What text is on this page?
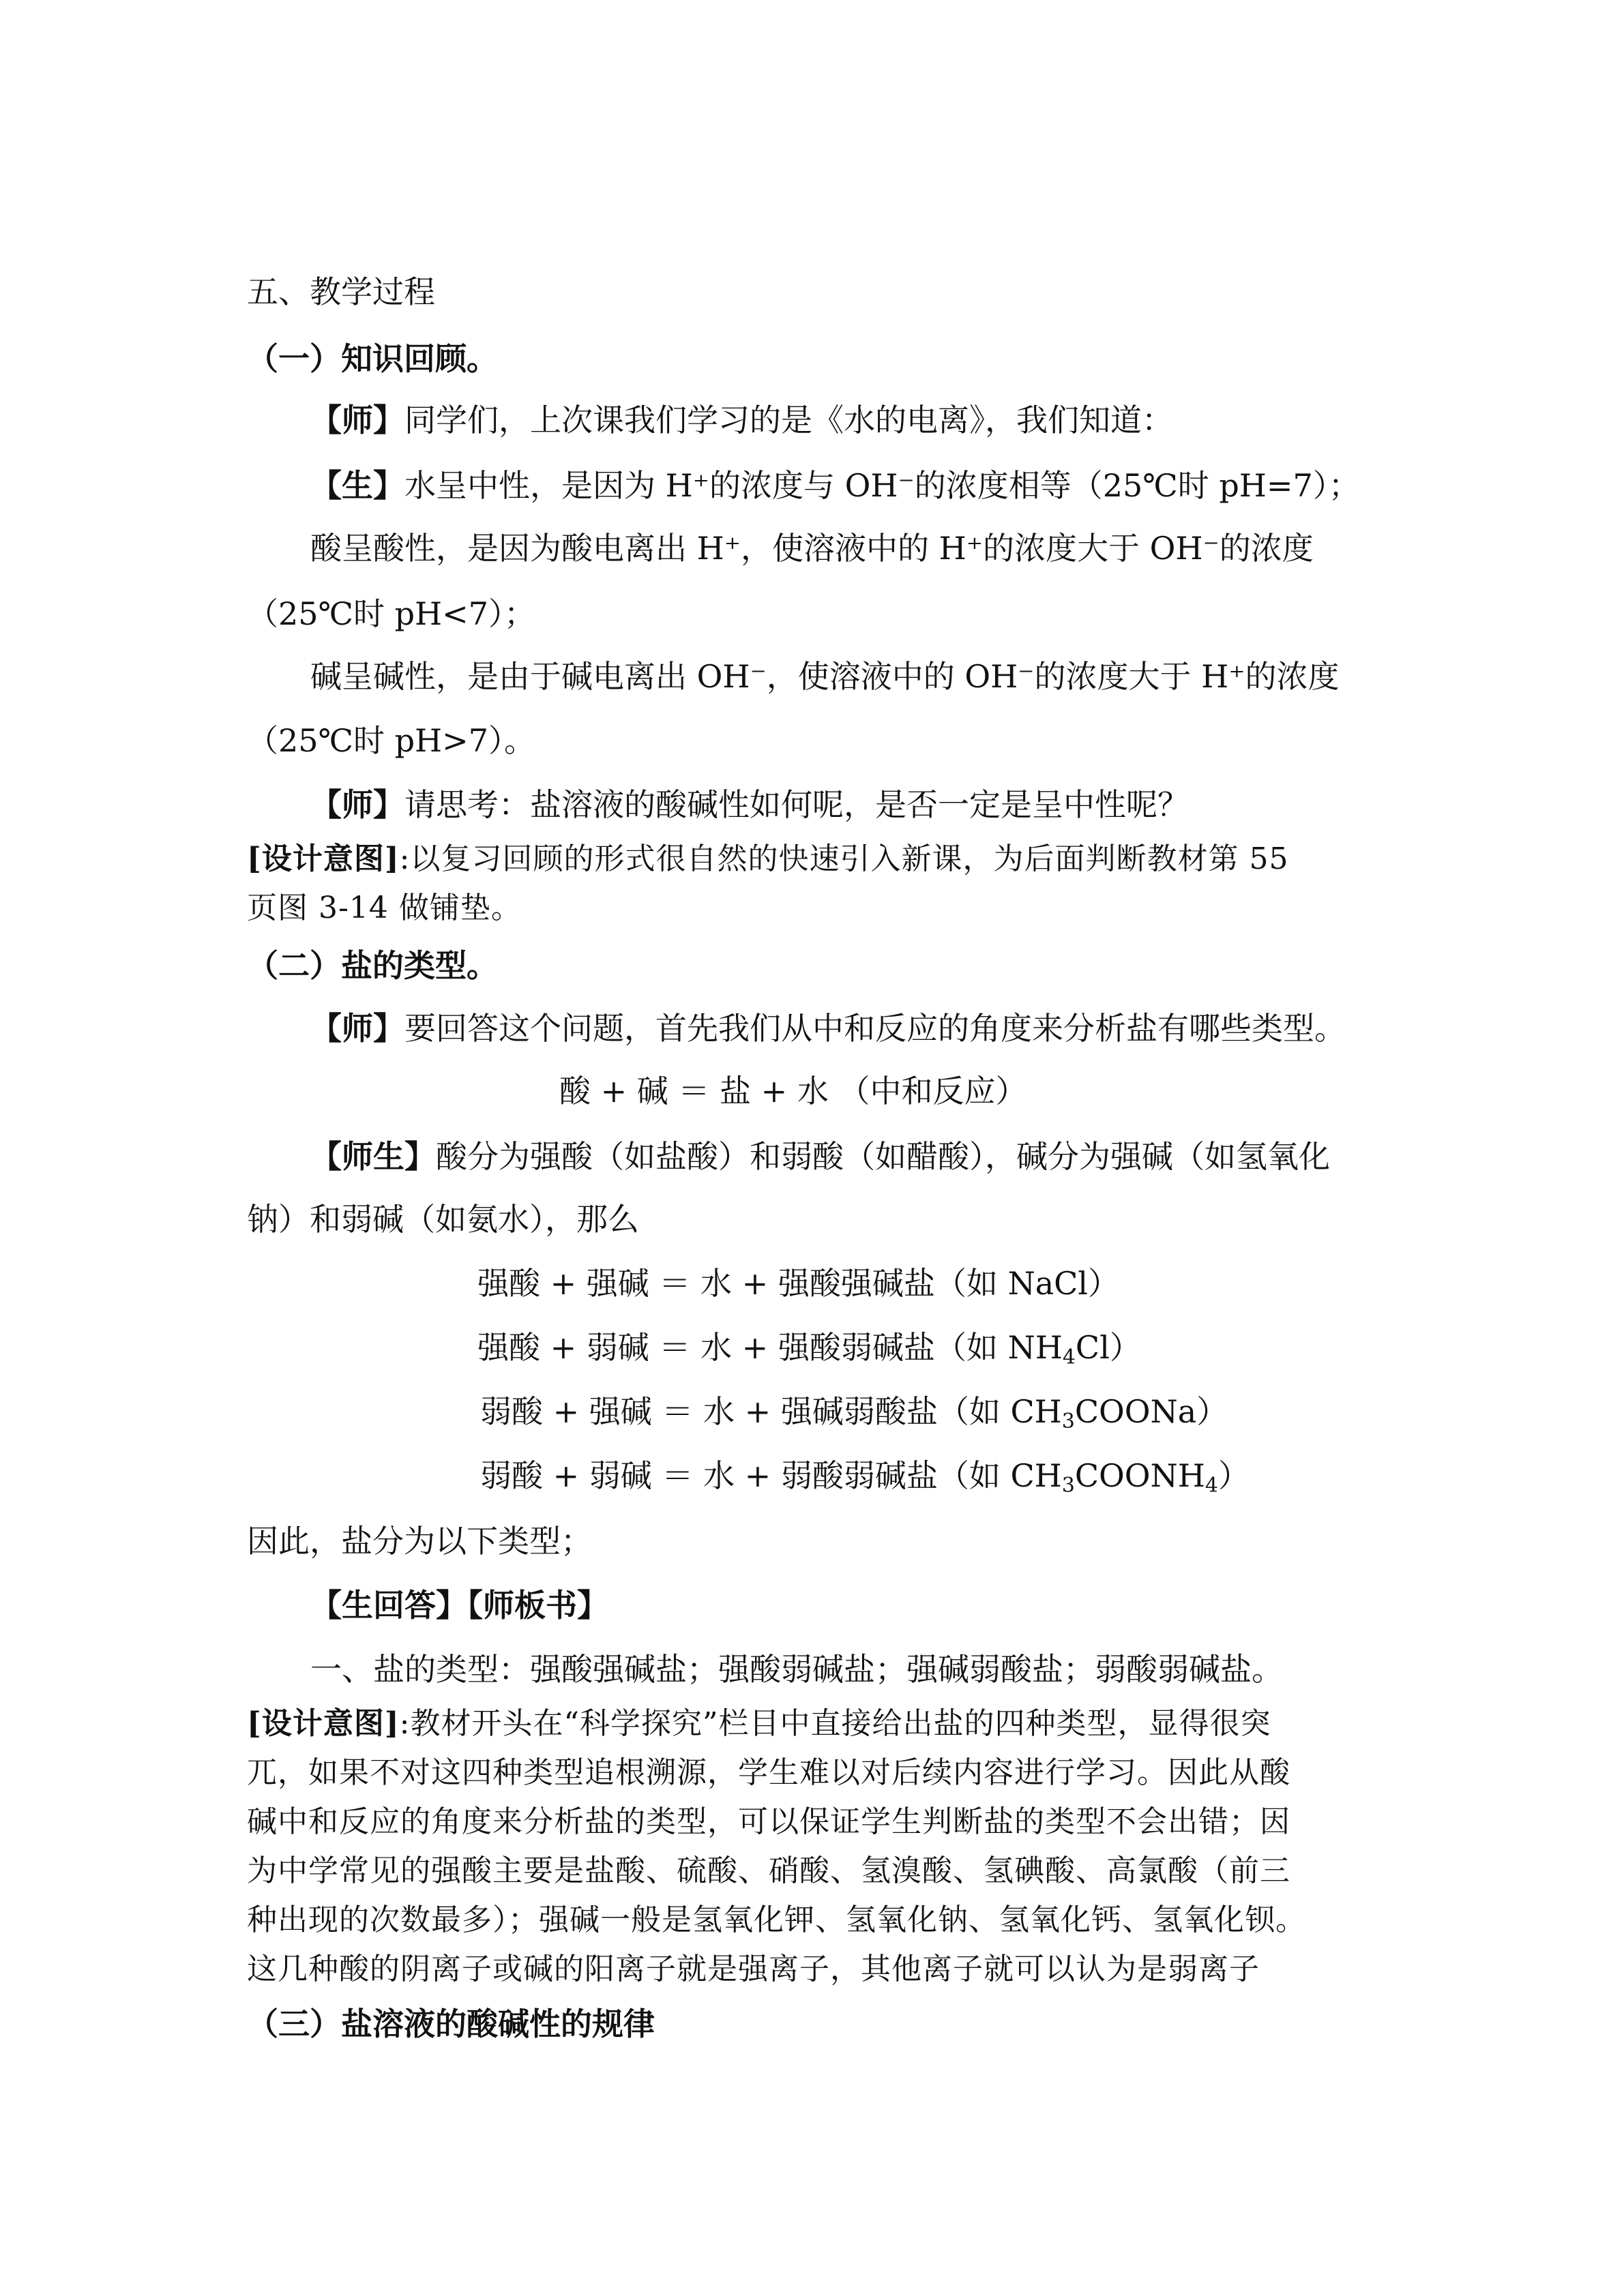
五、教学过程
（一）知识回顾。
【师】同学们，上次课我们学习的是《水的电离》，我们知道：
【生】水呈中性，是因为 H⁺的浓度与 OH⁻的浓度相等（25℃时 pH=7）；
酸呈酸性，是因为酸电离出 H⁺，使溶液中的 H⁺的浓度大于 OH⁻的浓度
（25℃时 pH<7）；
碱呈碱性，是由于碱电离出 OH⁻，使溶液中的 OH⁻的浓度大于 H⁺的浓度
（25℃时 pH>7）。
【师】请思考：盐溶液的酸碱性如何呢，是否一定是呈中性呢？
[设计意图]:以复习回顾的形式很自然的快速引入新课，为后面判断教材第 55
页图 3-14 做铺垫。
（二）盐的类型。
【师】要回答这个问题，首先我们从中和反应的角度来分析盐有哪些类型。
酸 + 碱 ＝ 盐 + 水 （中和反应）
【师生】酸分为强酸（如盐酸）和弱酸（如醋酸），碱分为强碱（如氢氧化
钠）和弱碱（如氨水），那么
强酸 + 强碱 ＝ 水 + 强酸强碱盐（如 NaCl）
强酸 + 弱碱 ＝ 水 + 强酸弱碱盐（如 $NH_4Cl$）
弱酸 + 强碱 ＝ 水 + 强碱弱酸盐（如 $CH_3COONa$）
弱酸 + 弱碱 ＝ 水 + 弱酸弱碱盐（如 $CH_3COONH_4$）
因此，盐分为以下类型；
【生回答】【师板书】
一、盐的类型：强酸强碱盐；强酸弱碱盐；强碱弱酸盐；弱酸弱碱盐。
[设计意图]:教材开头在“科学探究”栏目中直接给出盐的四种类型，显得很突
兀，如果不对这四种类型追根溯源，学生难以对后续内容进行学习。因此从酸
碱中和反应的角度来分析盐的类型，可以保证学生判断盐的类型不会出错；因
为中学常见的强酸主要是盐酸、硫酸、硝酸、氢溴酸、氢碘酸、高氯酸（前三
种出现的次数最多）；强碱一般是氢氧化钾、氢氧化钠、氢氧化钙、氢氧化钡。
这几种酸的阴离子或碱的阳离子就是强离子，其他离子就可以认为是弱离子
（三）盐溶液的酸碱性的规律
